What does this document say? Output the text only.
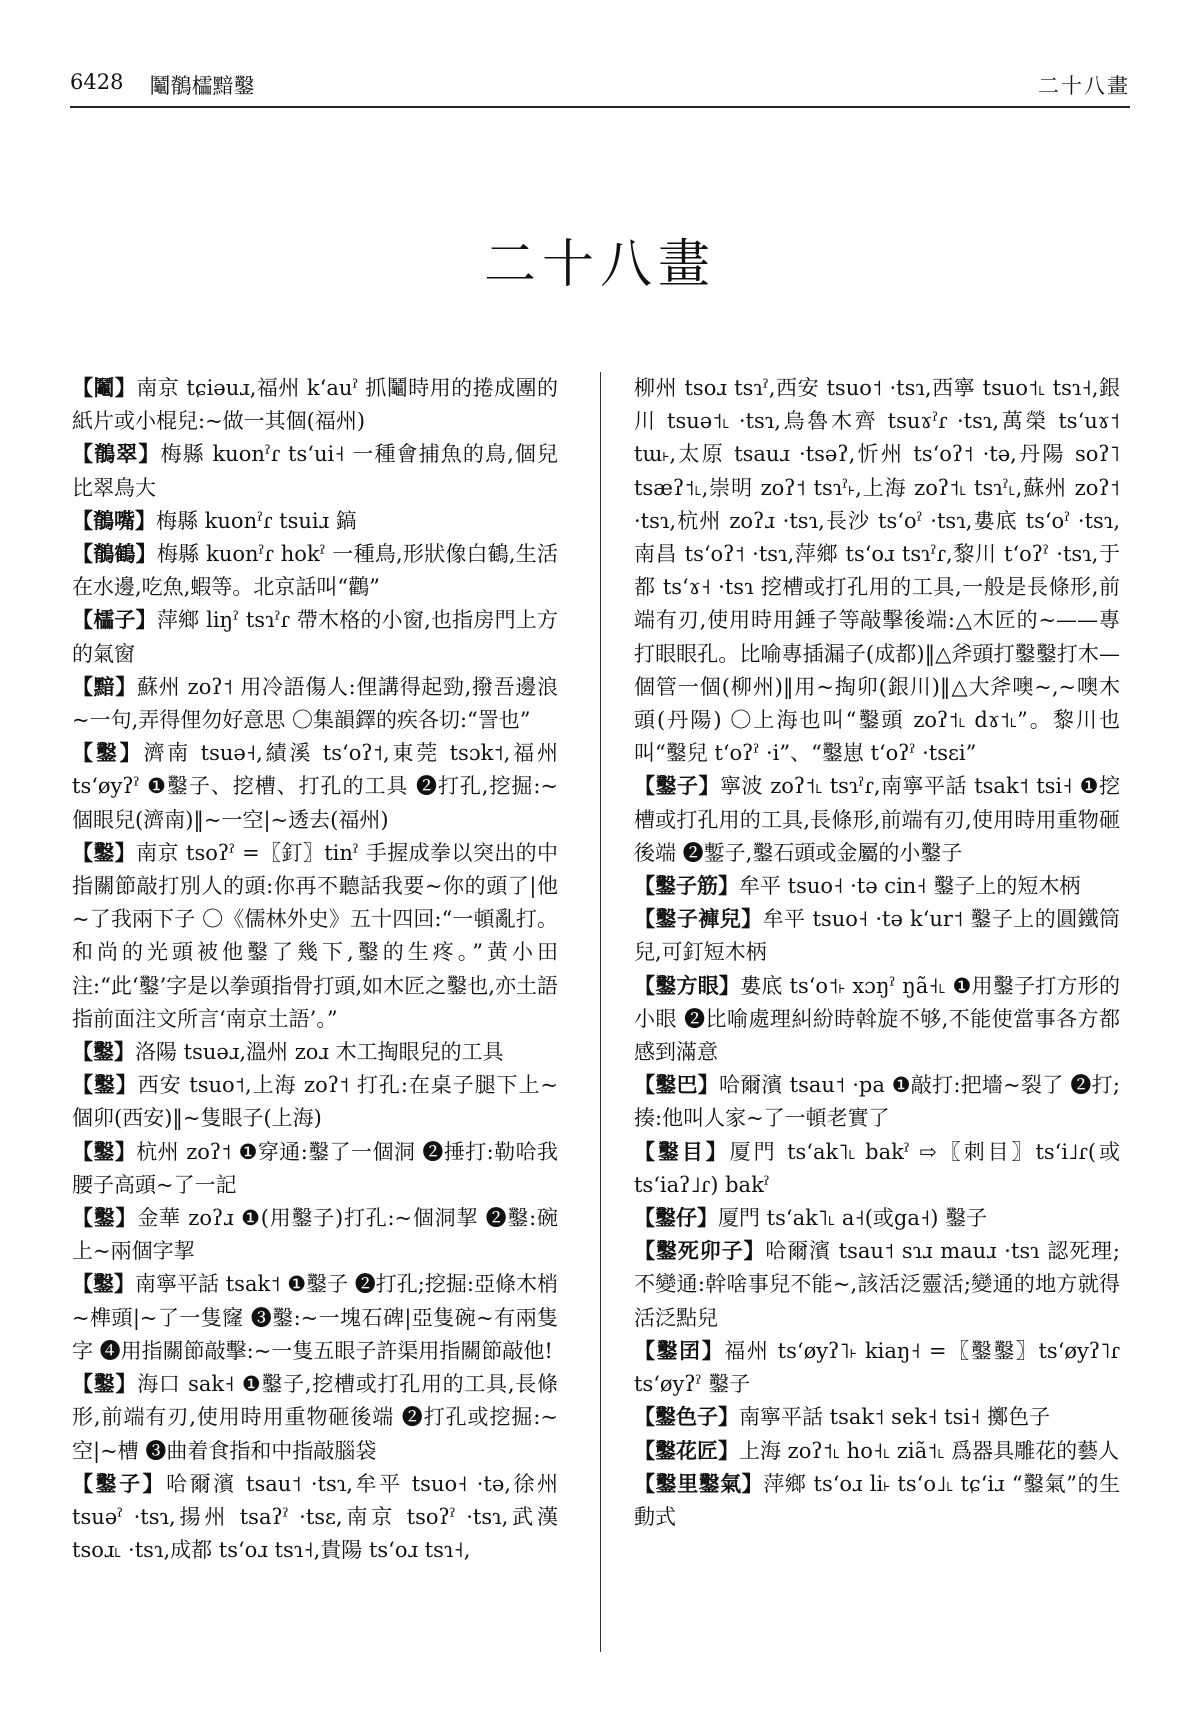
6428 鬮鶺櫺黯鑿	二十八畫
二十八畫
【鬮】南京 tɕiəuɹ,福州 kʻauˀ 抓鬮時用的捲成團的紙片或小棍兒:~做一其個(福州)
【鶺翠】梅縣 kuonˀɾ tsʻui˧ 一種會捕魚的鳥,個兒比翠鳥大
【鶺嘴】梅縣 kuonˀɾ tsuiɹ 鎬
【鶺鶴】梅縣 kuonˀɾ hokˀ 一種鳥,形狀像白鶴,生活在水邊,吃魚,蝦等。北京話叫“鸛”
【櫺子】萍鄉 liŋˀ tsɿˀɾ 帶木格的小窗,也指房門上方的氣窗
【黯】蘇州 zoʔ˦ 用冷語傷人:俚講得起勁,撥吾邊浪~一句,弄得俚勿好意思 〇集韻鐸的疾各切:“詈也”
【鑿】濟南 tsuə˧,績溪 tsʻoʔ˦,東莞 tsɔk˦,福州 tsʻøyʔˀ ❶鑿子、挖槽、打孔的工具 ❷打孔,挖掘:~個眼兒(濟南)‖~一空|~透去(福州)
【鑿】南京 tsoʔˀ =〖釘〗tinˀ 手握成拳以突出的中指關節敲打別人的頭:你再不聽話我要~你的頭了|他~了我兩下子 〇《儒林外史》五十四回:“一頓亂打。和尚的光頭被他鑿了幾下,鑿的生疼。”黄小田注:“此‘鑿’字是以拳頭指骨打頭,如木匠之鑿也,亦土語指前面注文所言‘南京土語’。”
【鑿】洛陽 tsuəɹ,溫州 zoɹ 木工掏眼兒的工具
【鑿】西安 tsuo˦,上海 zoʔ˦ 打孔:在桌子腿下上~個卯(西安)‖~隻眼子(上海)
【鑿】杭州 zoʔ˦ ❶穿通:鑿了一個洞 ❷捶打:勒哈我腰子高頭~了一記
【鑿】金華 zoʔɹ ❶(用鑿子)打孔:~個洞挈 ❷鑿:碗上~兩個字挈
【鑿】南寧平話 tsak˦ ❶鑿子 ❷打孔;挖掘:亞條木梢~榫頭|~了一隻窿 ❸鑿:~一塊石碑|亞隻碗~有兩隻字 ❹用指關節敲擊:~一隻五眼子許渠用指關節敲他!
【鑿】海口 sak˧ ❶鑿子,挖槽或打孔用的工具,長條形,前端有刃,使用時用重物砸後端 ❷打孔或挖掘:~空|~槽 ❸曲着食指和中指敲腦袋
【鑿子】哈爾濱 tsau˦ ·tsɿ,牟平 tsuo˧ ·tə,徐州 tsuəˀ ·tsɿ,揚州 tsaʔˀ ·tsɛ,南京 tsoʔˀ ·tsɿ,武漢 tsoɹ˪ ·tsɿ,成都 tsʻoɹ tsɿ˧,貴陽 tsʻoɹ tsɿ˧,
柳州 tsoɹ tsɿˀ,西安 tsuo˦ ·tsɿ,西寧 tsuo˦˪ tsɿ˧,銀川 tsuə˦˪ ·tsɿ,烏魯木齊 tsuɤˀɾ ·tsɿ,萬榮 tsʻuɤ˦ tɯ˫,太原 tsauɹ ·tsəʔ,忻州 tsʻoʔ˦ ·tə,丹陽 soʔ˥ tsæʔ˦˪,崇明 zoʔ˦ tsɿˀ˫,上海 zoʔ˦˪ tsɿˀ˪,蘇州 zoʔ˦ ·tsɿ,杭州 zoʔɹ ·tsɿ,長沙 tsʻoˀ ·tsɿ,婁底 tsʻoˀ ·tsɿ,南昌 tsʻoʔ˦ ·tsɿ,萍鄉 tsʻoɹ tsɿˀɾ,黎川 tʻoʔˀ ·tsɿ,于都 tsʻɤ˧ ·tsɿ 挖槽或打孔用的工具,一般是長條形,前端有刃,使用時用錘子等敲擊後端:△木匠的~——專打眼眼孔。比喻專插漏子(成都)‖△斧頭打鑿鑿打木—個管一個(柳州)‖用~掏卯(銀川)‖△大斧噢~,~噢木頭(丹陽) 〇上海也叫“鑿頭 zoʔ˦˪ dɤ˦˪”。黎川也叫“鑿兒 tʻoʔˀ ·i”、“鑿崽 tʻoʔˀ ·tsɛi”
【鑿子】寧波 zoʔ˦˪ tsɿˀɾ,南寧平話 tsak˦ tsi˧ ❶挖槽或打孔用的工具,長條形,前端有刃,使用時用重物砸後端 ❷鏨子,鑿石頭或金屬的小鑿子
【鑿子筋】牟平 tsuo˧ ·tə cin˧ 鑿子上的短木柄
【鑿子褲兒】牟平 tsuo˧ ·tə kʻur˦ 鑿子上的圓鐵筒兒,可釘短木柄
【鑿方眼】婁底 tsʻo˦˫ xɔŋˀ ŋã˧˪ ❶用鑿子打方形的小眼 ❷比喻處理糾紛時斡旋不够,不能使當事各方都感到滿意
【鑿巴】哈爾濱 tsau˦ ·pa ❶敲打:把墻~裂了 ❷打;揍:他叫人家~了一頓老實了
【鑿目】厦門 tsʻak˥˪ bakˀ ⇨〖刺目〗tsʻi˩ɾ(或tsʻiaʔ˩ɾ) bakˀ
【鑿仔】厦門 tsʻak˥˪ a˧(或ga˧) 鑿子
【鑿死卯子】哈爾濱 tsau˦ sɿɹ mauɹ ·tsɿ 認死理;不變通:幹啥事兒不能~,該活泛靈活;變通的地方就得活泛點兒
【鑿囝】福州 tsʻøyʔ˥˫ kiaŋ˧ =〖鑿鑿〗tsʻøyʔ˥ɾ tsʻøyʔˀ 鑿子
【鑿色子】南寧平話 tsak˦ sek˧ tsi˧ 擲色子
【鑿花匠】上海 zoʔ˦˪ ho˧˪ ziã˦˪ 爲器具雕花的藝人
【鑿里鑿氣】萍鄉 tsʻoɹ li˫ tsʻo˩˪ tɕʻiɹ “鑿氣”的生動式
